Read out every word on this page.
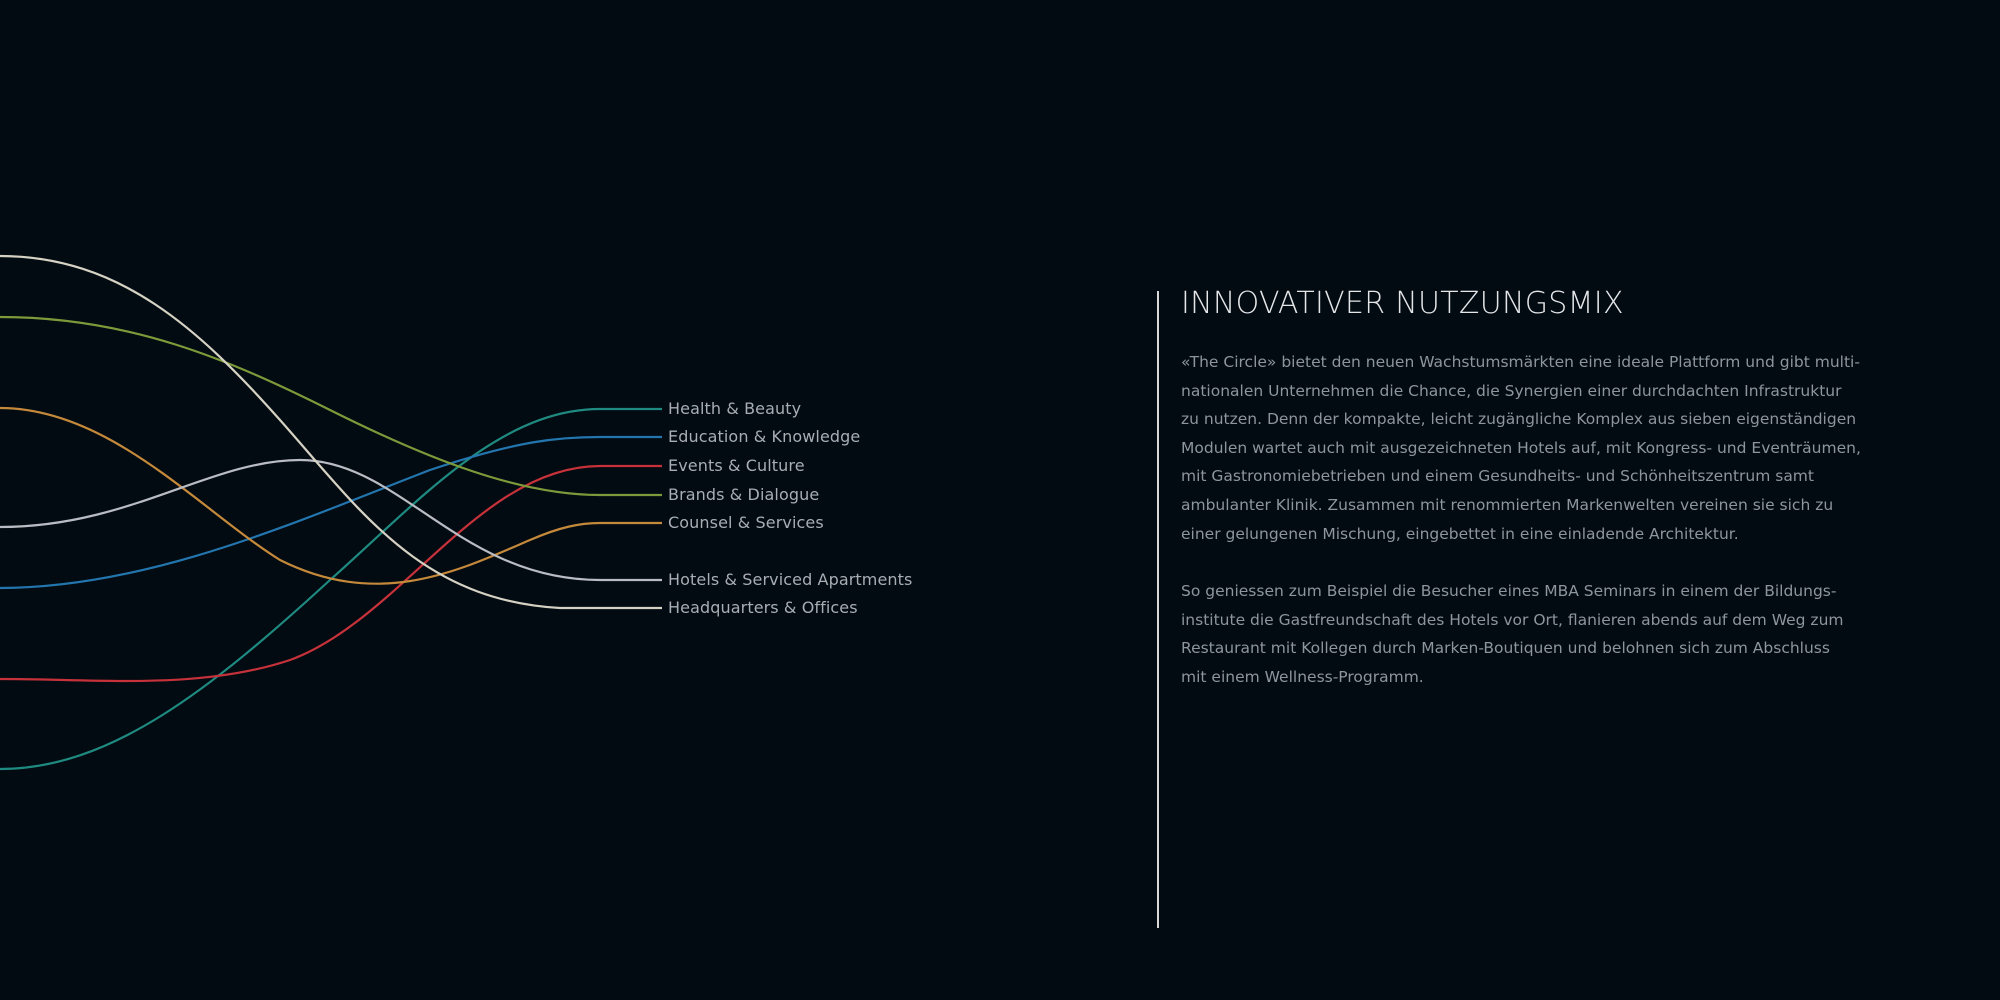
Health & Beauty
Education & Knowledge
Events & Culture
Brands & Dialogue
Counsel & Services
Hotels & Serviced Apartments
Headquarters & Offices
INNOVATIVER NUTZUNGSMIX

«The Circle» bietet den neuen Wachstumsmärkten eine ideale Plattform und gibt multi-
nationalen Unternehmen die Chance, die Synergien einer durchdachten Infrastruktur
zu nutzen. Denn der kompakte, leicht zugängliche Komplex aus sieben eigenständigen
Modulen wartet auch mit ausgezeichneten Hotels auf, mit Kongress- und Eventräumen,
mit Gastronomiebetrieben und einem Gesundheits- und Schönheitszentrum samt
ambulanter Klinik. Zusammen mit renommierten Markenwelten vereinen sie sich zu
einer gelungenen Mischung, eingebettet in eine einladende Architektur.

So geniessen zum Beispiel die Besucher eines MBA Seminars in einem der Bildungs-
institute die Gastfreundschaft des Hotels vor Ort, flanieren abends auf dem Weg zum
Restaurant mit Kollegen durch Marken-Boutiquen und belohnen sich zum Abschluss
mit einem Wellness-Programm.
